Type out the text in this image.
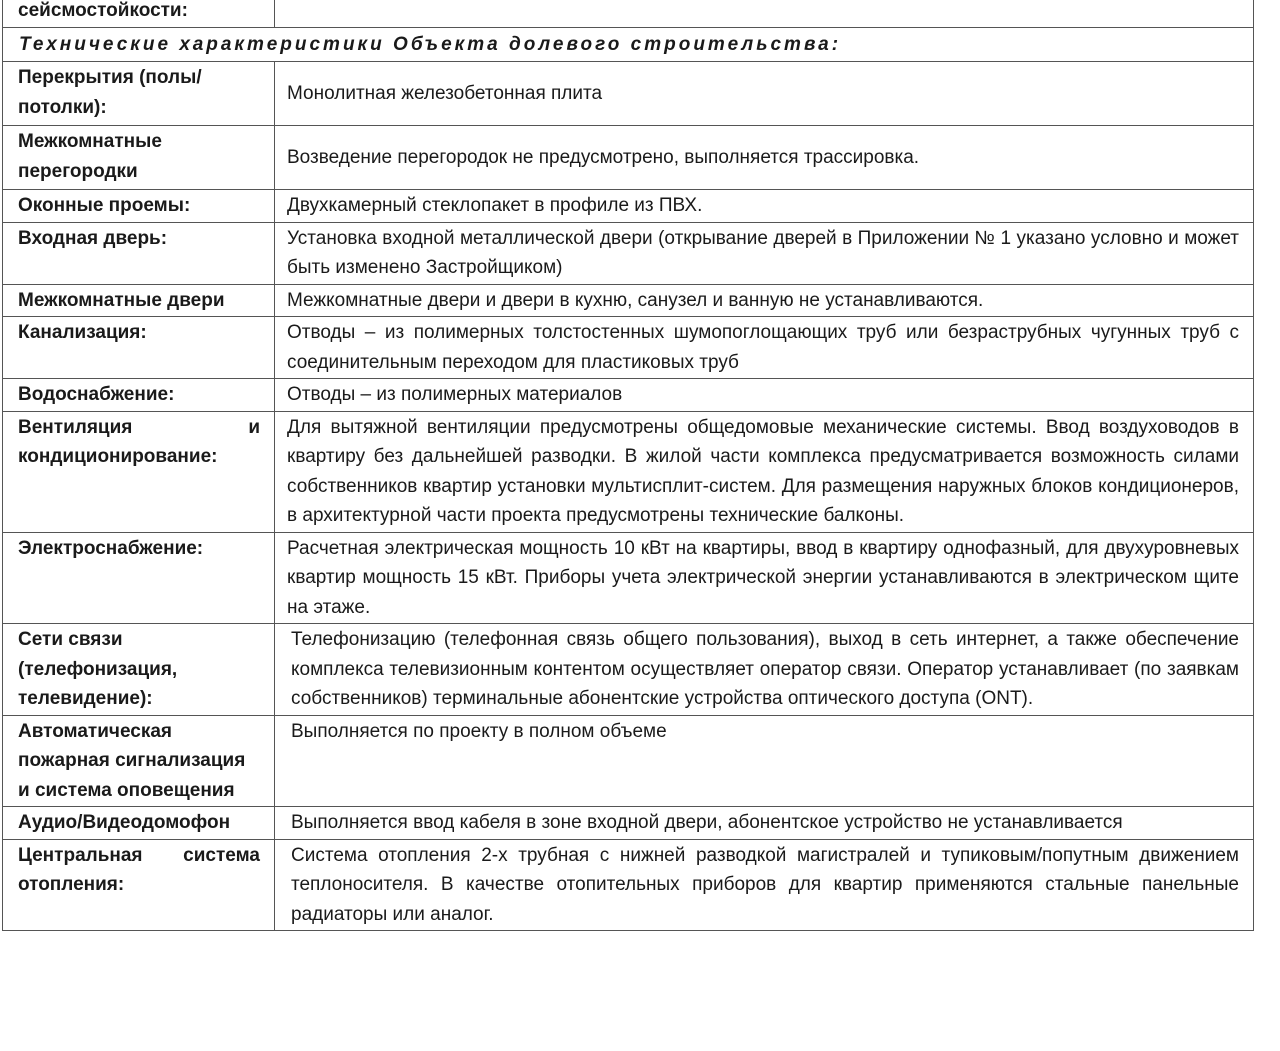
сейсмостойкости:	
Технические характеристики Объекта долевого строительства:	
Перекрытия (полы/потолки):	Монолитная железобетонная плита
Межкомнатные перегородки	Возведение перегородок не предусмотрено, выполняется трассировка.
Оконные проемы:	Двухкамерный стеклопакет в профиле из ПВХ.
Входная дверь:	Установка входной металлической двери (открывание дверей в Приложении № 1 указано условно и может быть изменено Застройщиком)
Межкомнатные двери	Межкомнатные двери и двери в кухню, санузел и ванную не устанавливаются.
Канализация:	Отводы – из полимерных толстостенных шумопоглощающих труб или безраструбных чугунных труб с соединительным переходом для пластиковых труб
Водоснабжение:	Отводы – из полимерных материалов
Вентиляция и кондиционирование:	Для вытяжной вентиляции предусмотрены общедомовые механические системы. Ввод воздуховодов в квартиру без дальнейшей разводки. В жилой части комплекса предусматривается возможность силами собственников квартир установки мультисплит-систем. Для размещения наружных блоков кондиционеров, в архитектурной части проекта предусмотрены технические балконы.
Электроснабжение:	Расчетная электрическая мощность 10 кВт на квартиры, ввод в квартиру однофазный, для двухуровневых квартир мощность 15 кВт. Приборы учета электрической энергии устанавливаются в электрическом щите на этаже.
Сети связи (телефонизация, телевидение):	Телефонизацию (телефонная связь общего пользования), выход в сеть интернет, а также обеспечение комплекса телевизионным контентом осуществляет оператор связи. Оператор устанавливает (по заявкам собственников) терминальные абонентские устройства оптического доступа (ONT).
Автоматическая пожарная сигнализация и система оповещения	Выполняется по проекту в полном объеме
Аудио/Видеодомофон	Выполняется ввод кабеля в зоне входной двери, абонентское устройство не устанавливается
Центральная система отопления:	Система отопления 2-х трубная с нижней разводкой магистралей и тупиковым/попутным движением теплоносителя. В качестве отопительных приборов для квартир применяются стальные панельные радиаторы или аналог.
